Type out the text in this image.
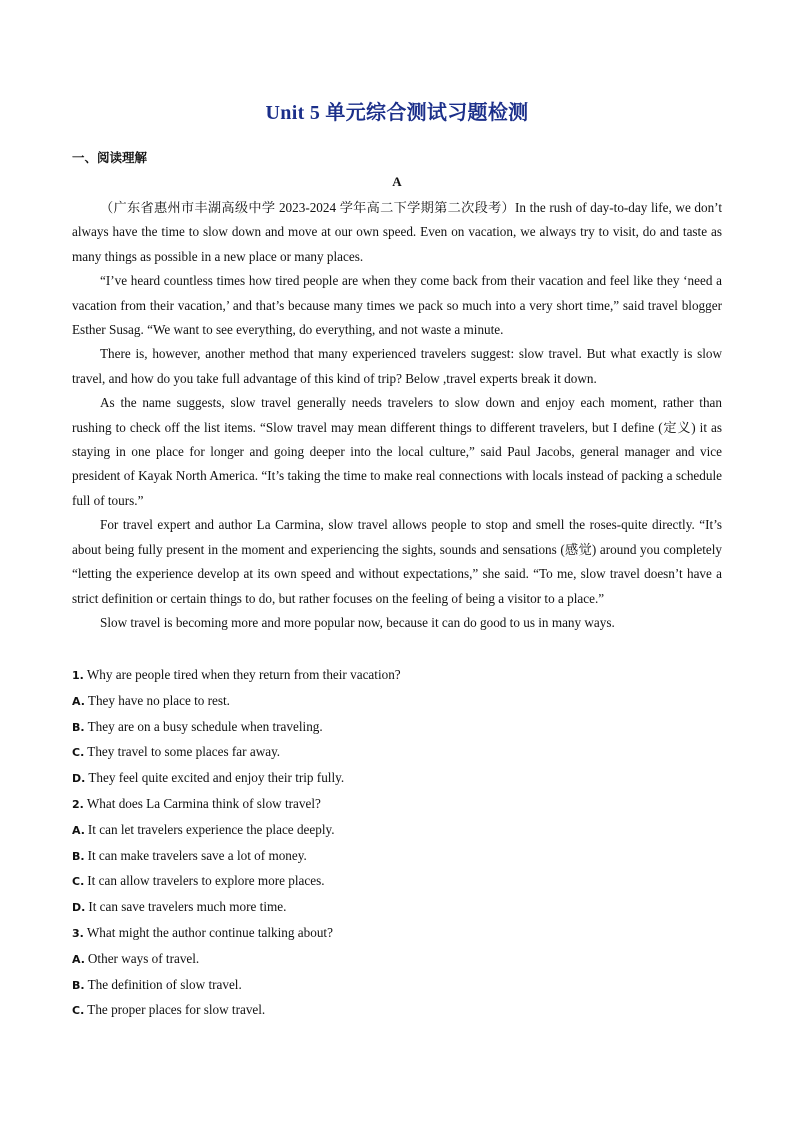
Unit 5 单元综合测试习题检测
一、阅读理解
A

（广东省惠州市丰湖高级中学 2023-2024 学年高二下学期第二次段考）In the rush of day-to-day life, we don’t always have the time to slow down and move at our own speed. Even on vacation, we always try to visit, do and taste as many things as possible in a new place or many places.

“I’ve heard countless times how tired people are when they come back from their vacation and feel like they ‘need a vacation from their vacation,’ and that’s because many times we pack so much into a very short time,” said travel blogger Esther Susag. “We want to see everything, do everything, and not waste a minute.

There is, however, another method that many experienced travelers suggest: slow travel. But what exactly is slow travel, and how do you take full advantage of this kind of trip? Below ,travel experts break it down.

As the name suggests, slow travel generally needs travelers to slow down and enjoy each moment, rather than rushing to check off the list items. “Slow travel may mean different things to different travelers, but I define (定义) it as staying in one place for longer and going deeper into the local culture,” said Paul Jacobs, general manager and vice president of Kayak North America. “It’s taking the time to make real connections with locals instead of packing a schedule full of tours.”

For travel expert and author La Carmina, slow travel allows people to stop and smell the roses-quite directly. “It’s about being fully present in the moment and experiencing the sights, sounds and sensations (感觉) around you completely “letting the experience develop at its own speed and without expectations,” she said. “To me, slow travel doesn’t have a strict definition or certain things to do, but rather focuses on the feeling of being a visitor to a place.”

Slow travel is becoming more and more popular now, because it can do good to us in many ways.

1. Why are people tired when they return from their vacation?
A. They have no place to rest.
B. They are on a busy schedule when traveling.
C. They travel to some places far away.
D. They feel quite excited and enjoy their trip fully.
2. What does La Carmina think of slow travel?
A. It can let travelers experience the place deeply.
B. It can make travelers save a lot of money.
C. It can allow travelers to explore more places.
D. It can save travelers much more time.
3. What might the author continue talking about?
A. Other ways of travel.
B. The definition of slow travel.
C. The proper places for slow travel.
